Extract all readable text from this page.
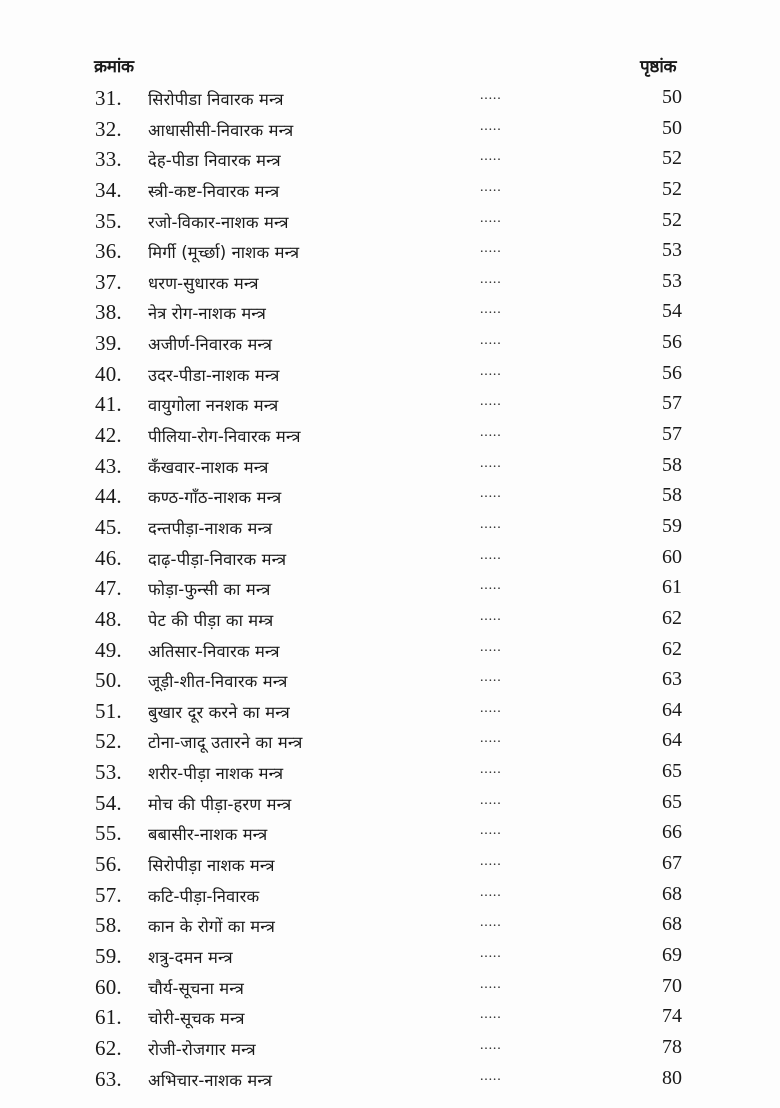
क्रमांक	पृष्ठांक
31. सिरोपीडा निवारक मन्त्र	.....	50
32. आधासीसी-निवारक मन्त्र	.....	50
33. देह-पीडा निवारक मन्त्र	.....	52
34. स्त्री-कष्ट-निवारक मन्त्र	.....	52
35. रजो-विकार-नाशक मन्त्र	.....	52
36. मिर्गी (मूर्च्छा) नाशक मन्त्र	.....	53
37. धरण-सुधारक मन्त्र	.....	53
38. नेत्र रोग-नाशक मन्त्र	.....	54
39. अजीर्ण-निवारक मन्त्र	.....	56
40. उदर-पीडा-नाशक मन्त्र	.....	56
41. वायुगोला ननशक मन्त्र	.....	57
42. पीलिया-रोग-निवारक मन्त्र	.....	57
43. कँखवार-नाशक मन्त्र	.....	58
44. कण्ठ-गाँठ-नाशक मन्त्र	.....	58
45. दन्तपीड़ा-नाशक मन्त्र	.....	59
46. दाढ़-पीड़ा-निवारक मन्त्र	.....	60
47. फोड़ा-फुन्सी का मन्त्र	.....	61
48. पेट की पीड़ा का मम्त्र	.....	62
49. अतिसार-निवारक मन्त्र	.....	62
50. जूड़ी-शीत-निवारक मन्त्र	.....	63
51. बुखार दूर करने का मन्त्र	.....	64
52. टोना-जादू उतारने का मन्त्र	.....	64
53. शरीर-पीड़ा नाशक मन्त्र	.....	65
54. मोच की पीड़ा-हरण मन्त्र	.....	65
55. बबासीर-नाशक मन्त्र	.....	66
56. सिरोपीड़ा नाशक मन्त्र	.....	67
57. कटि-पीड़ा-निवारक	.....	68
58. कान के रोगों का मन्त्र	.....	68
59. शत्रु-दमन मन्त्र	.....	69
60. चौर्य-सूचना मन्त्र	.....	70
61. चोरी-सूचक मन्त्र	.....	74
62. रोजी-रोजगार मन्त्र	.....	78
63. अभिचार-नाशक मन्त्र	.....	80
